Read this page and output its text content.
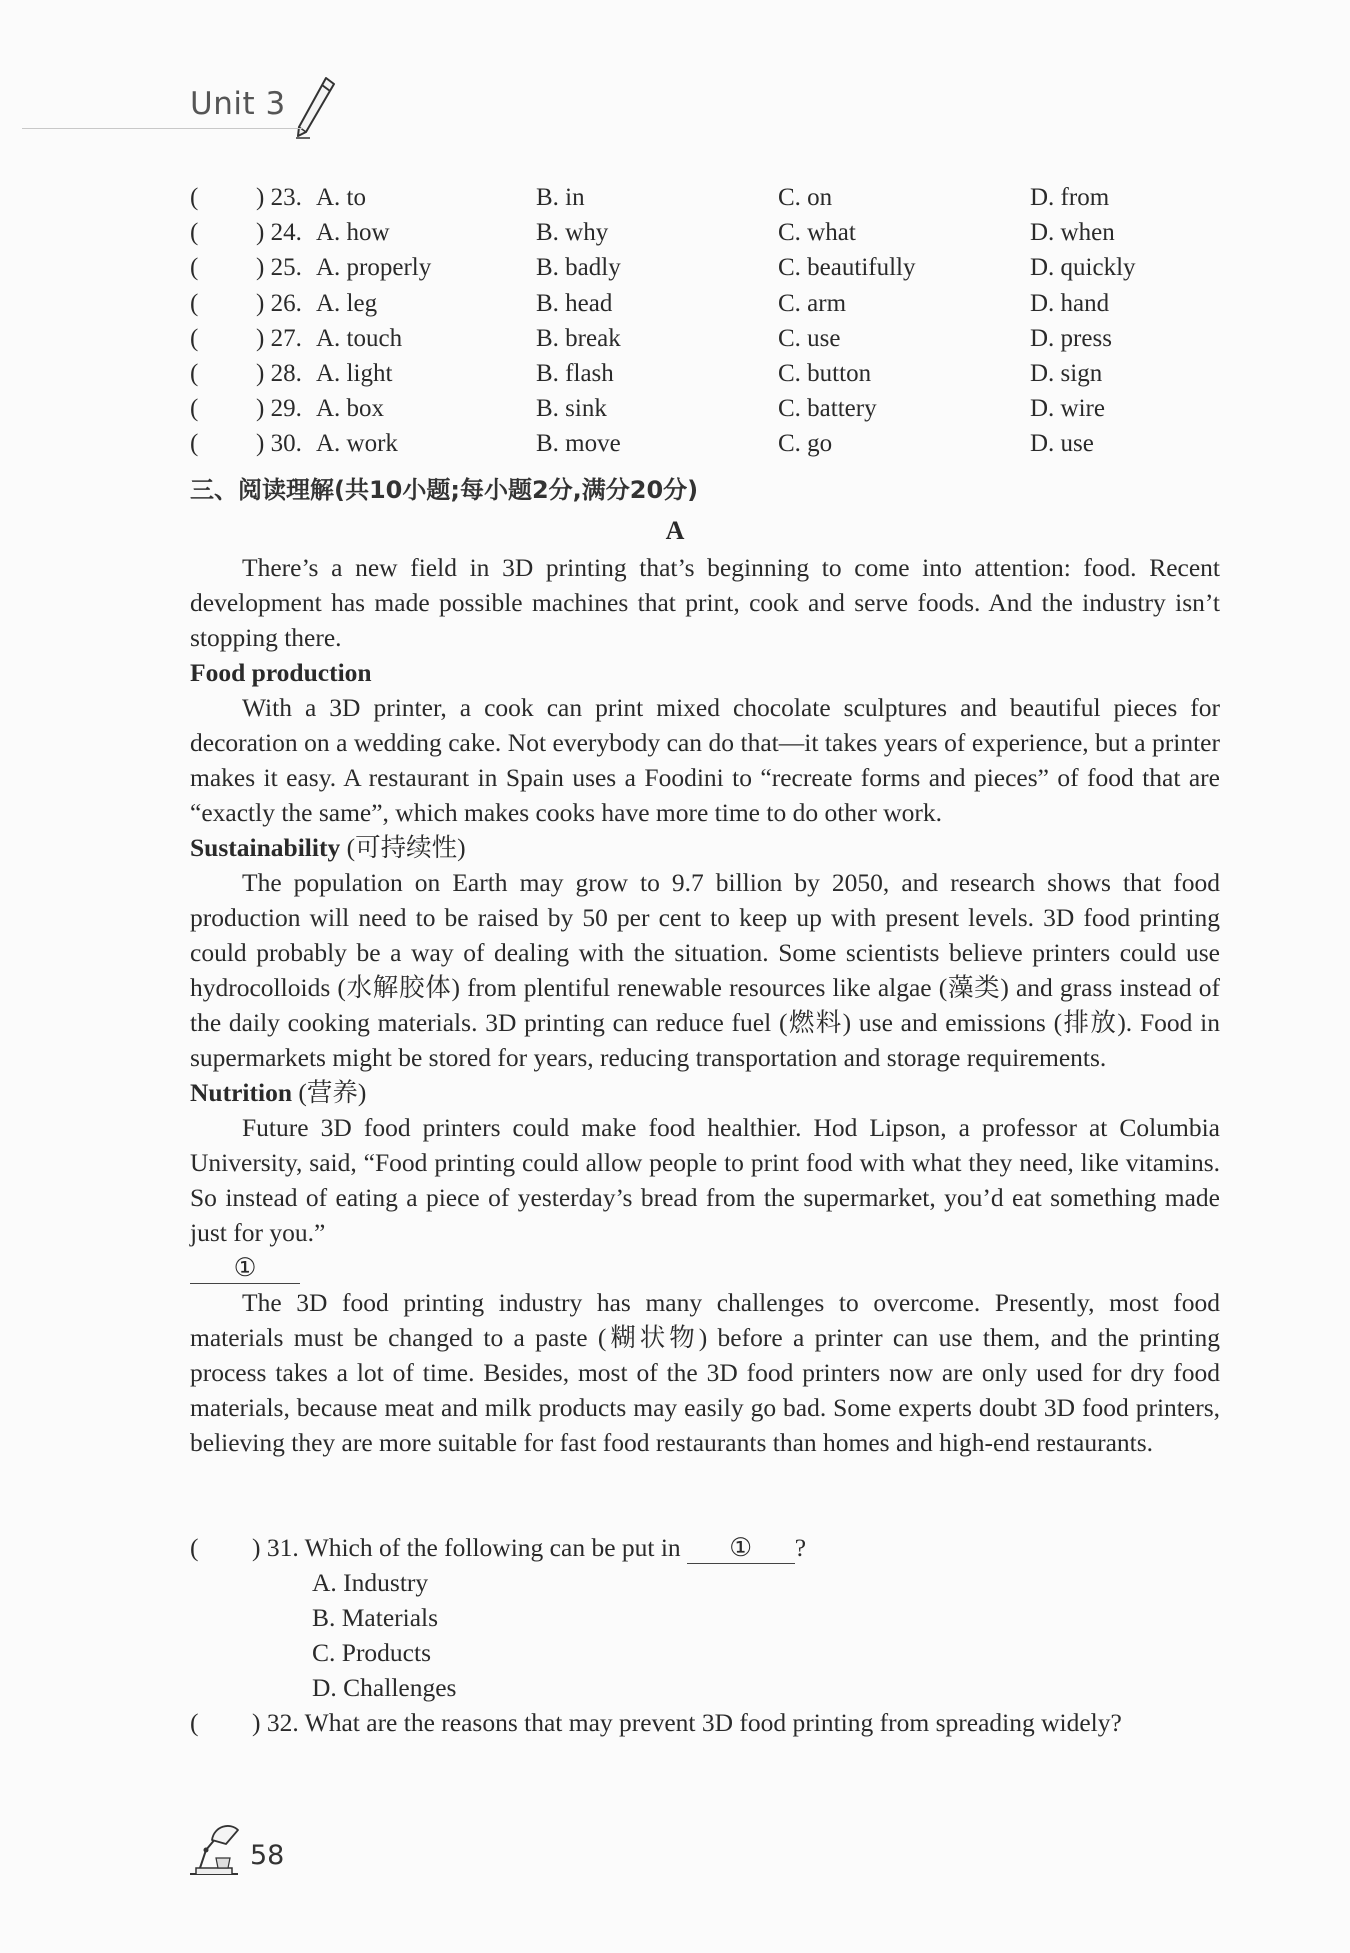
Unit 3
( ) 23. A. to	B. in	C. on	D. from
( ) 24. A. how	B. why	C. what	D. when
( ) 25. A. properly	B. badly	C. beautifully	D. quickly
( ) 26. A. leg	B. head	C. arm	D. hand
( ) 27. A. touch	B. break	C. use	D. press
( ) 28. A. light	B. flash	C. button	D. sign
( ) 29. A. box	B. sink	C. battery	D. wire
( ) 30. A. work	B. move	C. go	D. use
三、阅读理解(共10小题;每小题2分,满分20分)
A

There’s a new field in 3D printing that’s beginning to come into attention: food. Recent development has made possible machines that print, cook and serve foods. And the industry isn’t stopping there.

Food production

With a 3D printer, a cook can print mixed chocolate sculptures and beautiful pieces for decoration on a wedding cake. Not everybody can do that—it takes years of experience, but a printer makes it easy. A restaurant in Spain uses a Foodini to “recreate forms and pieces” of food that are “exactly the same”, which makes cooks have more time to do other work.

Sustainability (可持续性)

The population on Earth may grow to 9.7 billion by 2050, and research shows that food production will need to be raised by 50 per cent to keep up with present levels. 3D food printing could probably be a way of dealing with the situation. Some scientists believe printers could use hydrocolloids (水解胶体) from plentiful renewable resources like algae (藻类) and grass instead of the daily cooking materials. 3D printing can reduce fuel (燃料) use and emissions (排放). Food in supermarkets might be stored for years, reducing transportation and storage requirements.

Nutrition (营养)

Future 3D food printers could make food healthier. Hod Lipson, a professor at Columbia University, said, “Food printing could allow people to print food with what they need, like vitamins. So instead of eating a piece of yesterday’s bread from the supermarket, you’d eat something made just for you.”

①

The 3D food printing industry has many challenges to overcome. Presently, most food materials must be changed to a paste (糊状物) before a printer can use them, and the printing process takes a lot of time. Besides, most of the 3D food printers now are only used for dry food materials, because meat and milk products may easily go bad. Some experts doubt 3D food printers, believing they are more suitable for fast food restaurants than homes and high-end restaurants.

( ) 31. Which of the following can be put in ① ?
A. Industry
B. Materials
C. Products
D. Challenges
( ) 32. What are the reasons that may prevent 3D food printing from spreading widely?
58
